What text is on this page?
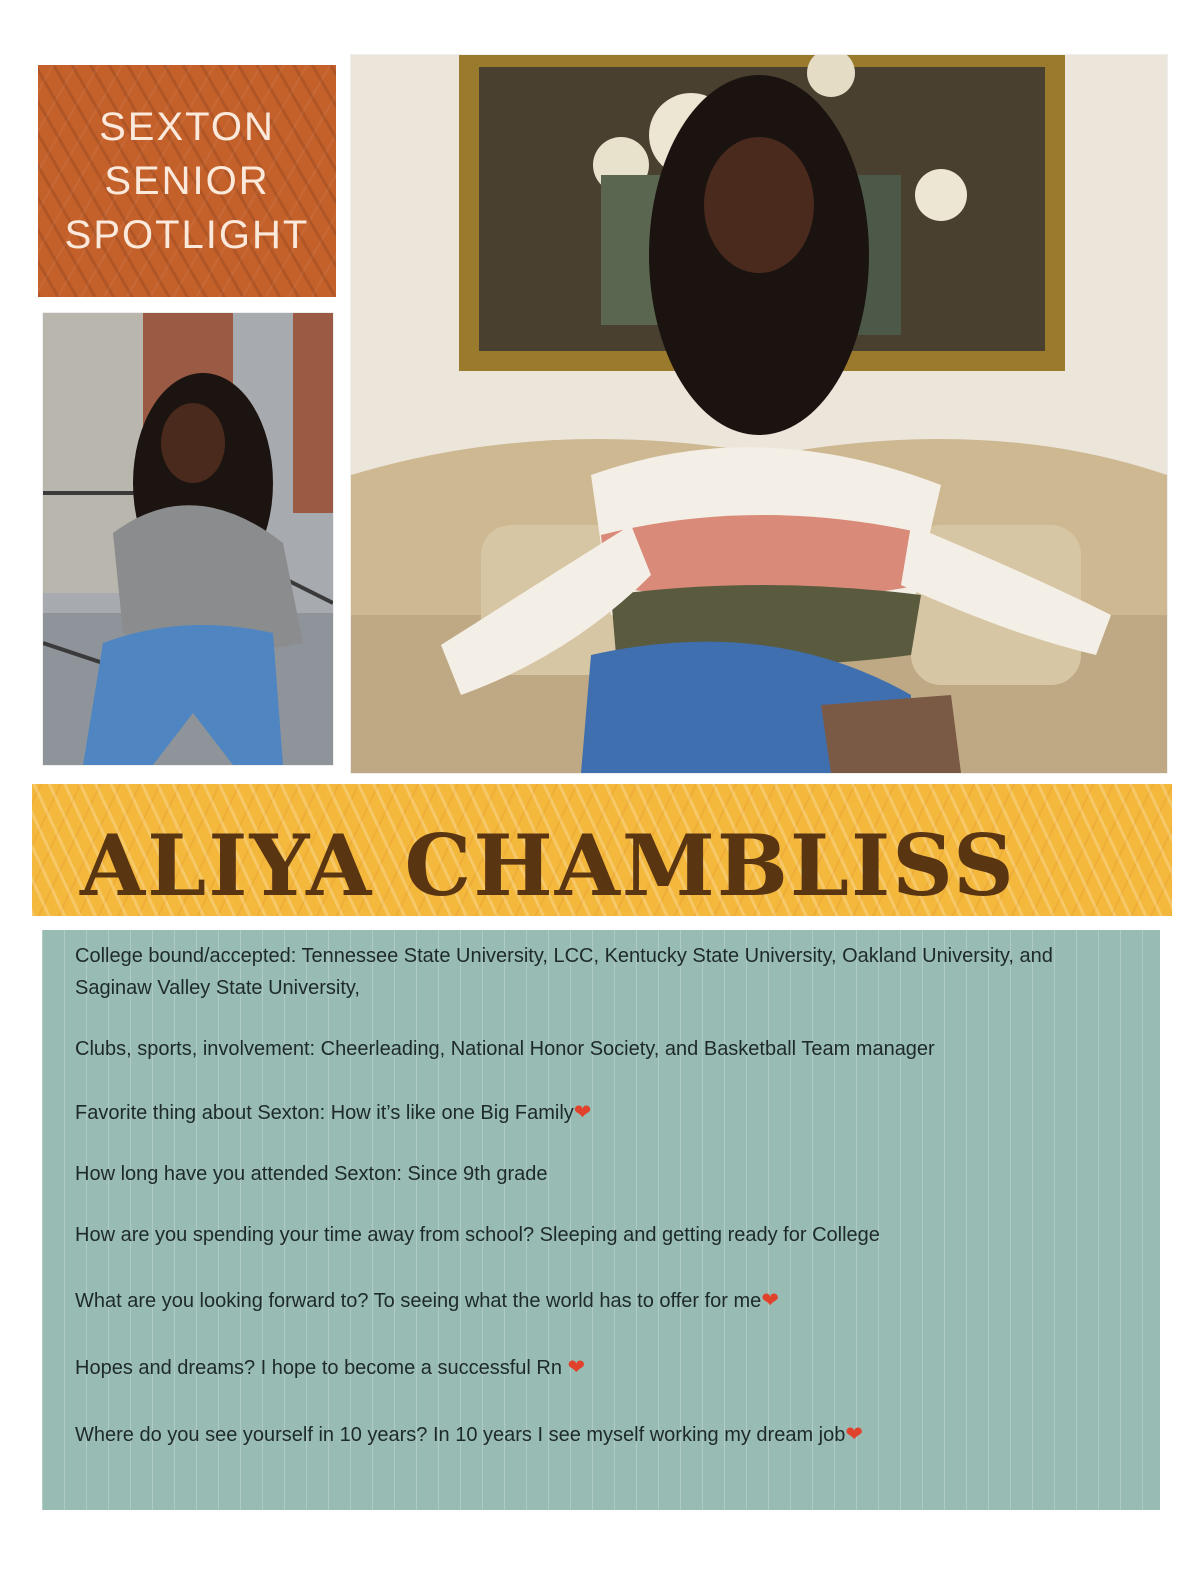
SEXTON
SENIOR
SPOTLIGHT
ALIYA CHAMBLISS
College bound/accepted: Tennessee State University, LCC, Kentucky State University, Oakland University, and Saginaw Valley State University,
Clubs, sports, involvement: Cheerleading, National Honor Society, and Basketball Team manager
Favorite thing about Sexton: How it’s like one Big Family❤
How long have you attended Sexton: Since 9th grade
How are you spending your time away from school? Sleeping and getting ready for College
What are you looking forward to? To seeing what the world has to offer for me❤
Hopes and dreams? I hope to become a successful Rn ❤
Where do you see yourself in 10 years? In 10 years I see myself working my dream job❤
